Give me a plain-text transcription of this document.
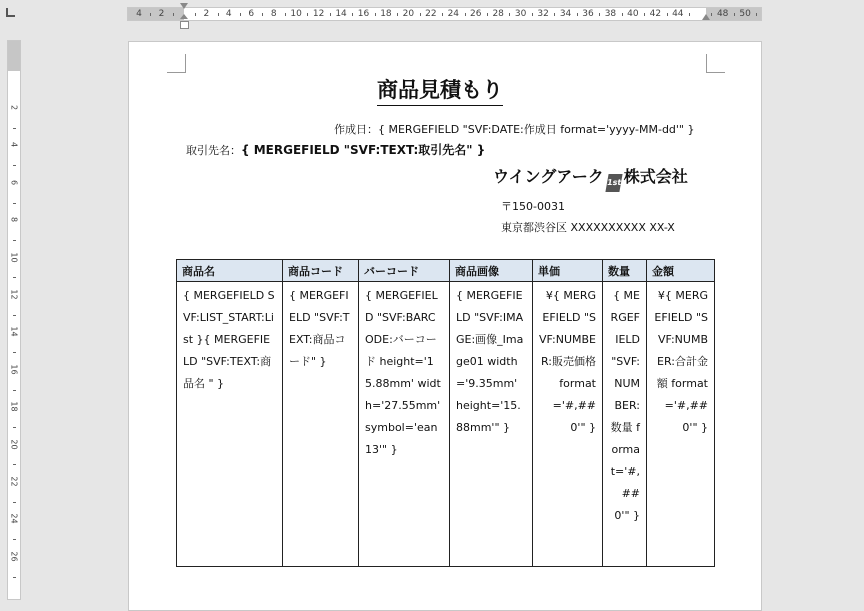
4 2	2 4 6 8 10 12 14 16 18 20 22 24 26 28 30 32 34 36 38 40 42 44	48 50
2
4
6
8
10
12
14
16
18
20
22
24
26
商品見積もり
作成日：{ MERGEFIELD "SVF:DATE:作成日 format='yyyy-MM-dd'" }
取引先名：{ MERGEFIELD "SVF:TEXT:取引先名" }
ウイングアーク 1st 株式会社
〒150-0031
東京都渋谷区 XXXXXXXXXX XX-X
商品名	商品コード	バーコード	商品画像	単価	数量	金額
{ MERGEFIELD SVF:LIST_START:List }{ MERGEFIELD "SVF:TEXT:商品名 " }	{ MERGEFIELD "SVF:TEXT:商品コード" }	{ MERGEFIELD "SVF:BARCODE:バーコード height='15.88mm' width='27.55mm' symbol='ean13'" }	{ MERGEFIELD "SVF:IMAGE:画像_Image01 width='9.35mm' height='15.88mm'" }	¥{ MERGEFIELD "SVF:NUMBER:販売価格 format='#,##0'" }	{ MERGEFIELD "SVF:NUMBER:数量 format='#,##0'" }	¥{ MERGEFIELD "SVF:NUMBER:合計金額 format='#,##0'" }
